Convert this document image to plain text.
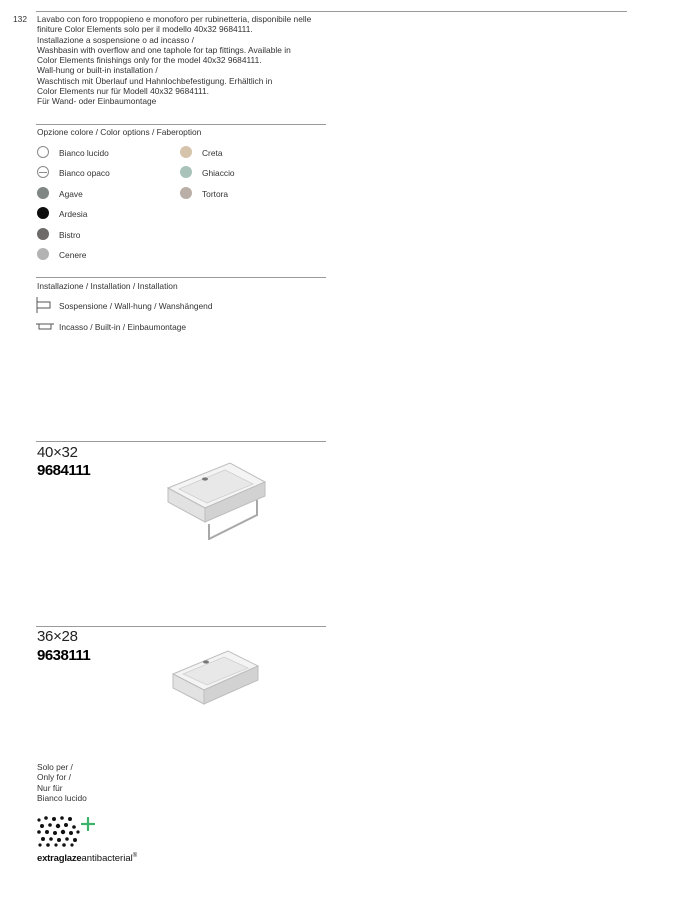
132 Lavabo con foro troppopieno e monoforo per rubinetteria, disponibile nelle
finiture Color Elements solo per il modello 40x32 9684111.
Installazione a sospensione o ad incasso /
Washbasin with overflow and one taphole for tap fittings. Available in
Color Elements finishings only for the model 40x32 9684111.
Wall-hung or built-in installation /
Waschtisch mit Überlauf und Hahnlochbefestigung. Erhältlich in
Color Elements nur für Modell 40x32 9684111.
Für Wand- oder Einbaumontage
Opzione colore / Color options / Faberoption
Bianco lucido
Bianco opaco
Agave
Ardesia
Bistro
Cenere
Creta
Ghiaccio
Tortora
Installazione / Installation / Installation
Sospensione / Wall-hung / Wanshängend
Incasso / Built-in / Einbaumontage
40×32
9684111
36×28
9638111
Solo per /
Only for /
Nur für
Bianco lucido
extraglazeantibacterial®
